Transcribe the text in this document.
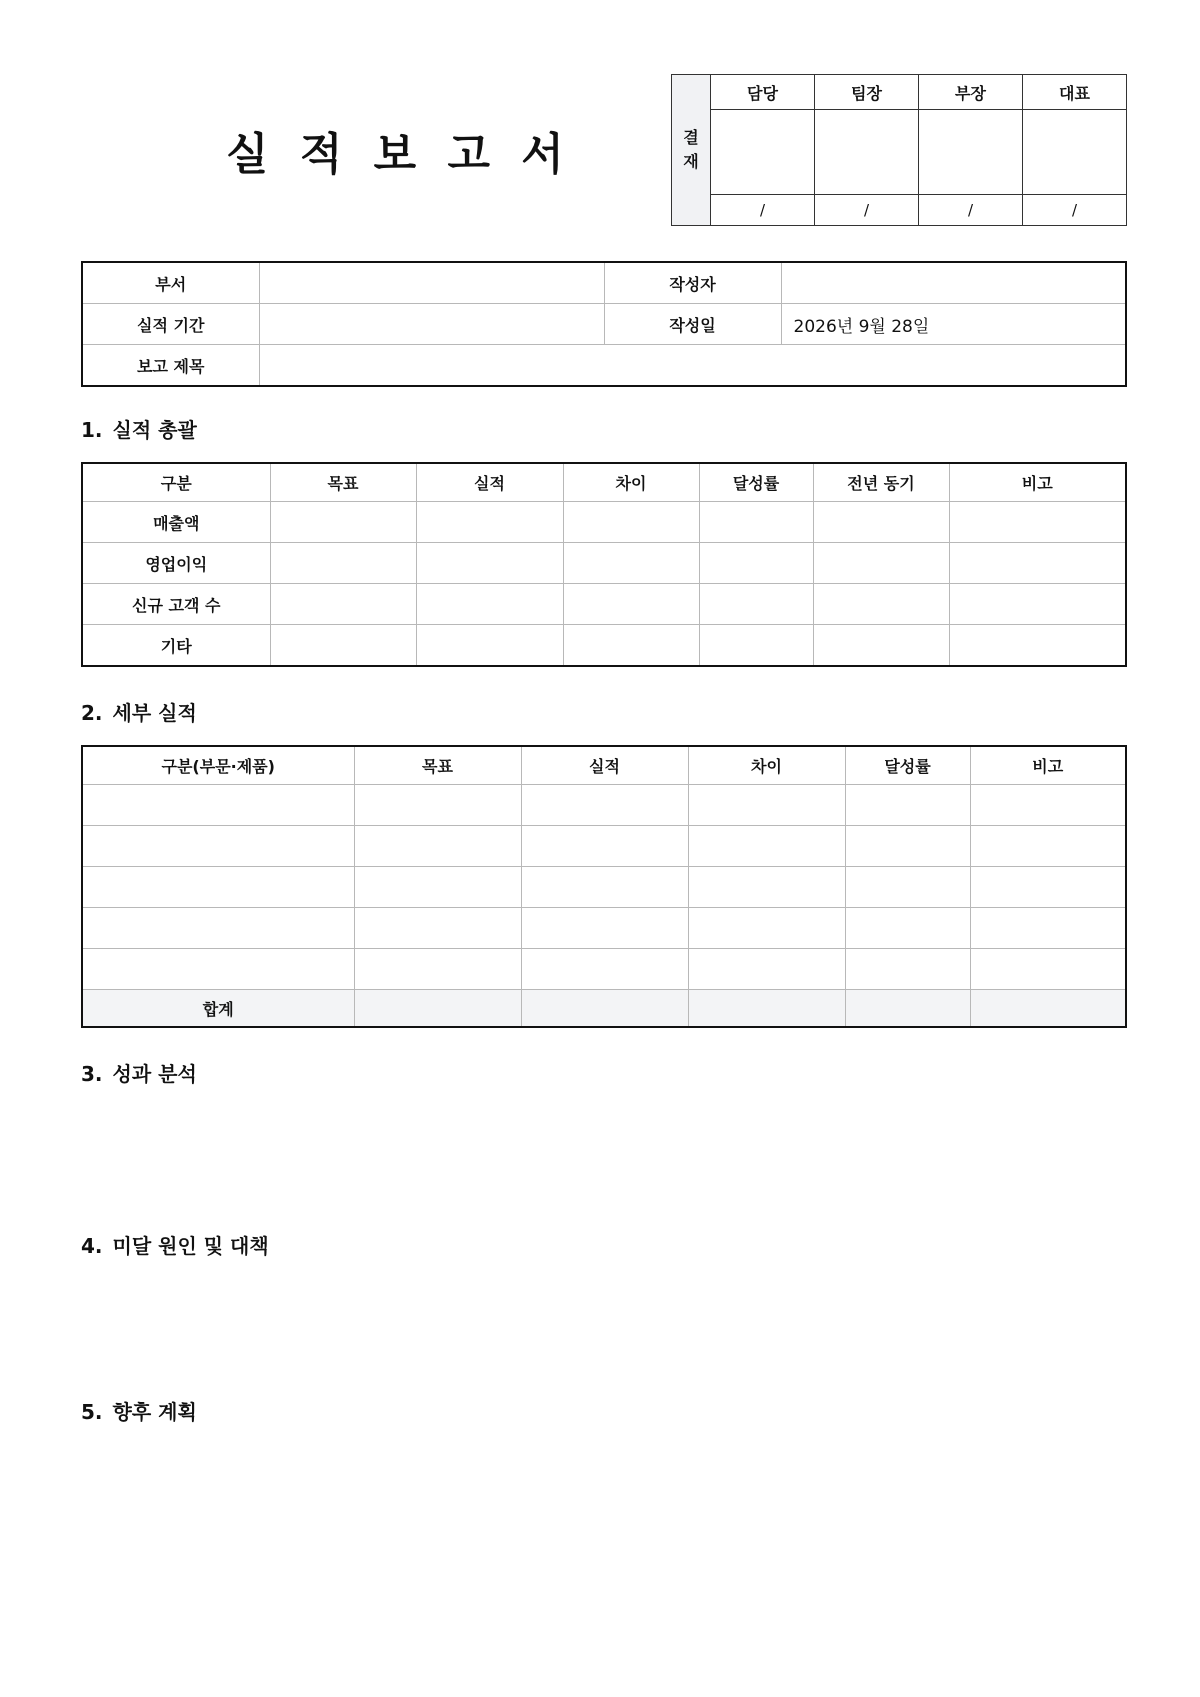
실 적 보 고 서	결
재	담당	팀장	부장	대표

	/	/	/	/
부서		작성자	
실적 기간		작성일	2026년 9월 28일
보고 제목			
1. 실적 총괄
구분	목표	실적	차이	달성률	전년 동기	비고
매출액						
영업이익						
신규 고객 수						
기타						
2. 세부 실적
구분(부문·제품)	목표	실적	차이	달성률	비고

합계					
3. 성과 분석
4. 미달 원인 및 대책
5. 향후 계획
